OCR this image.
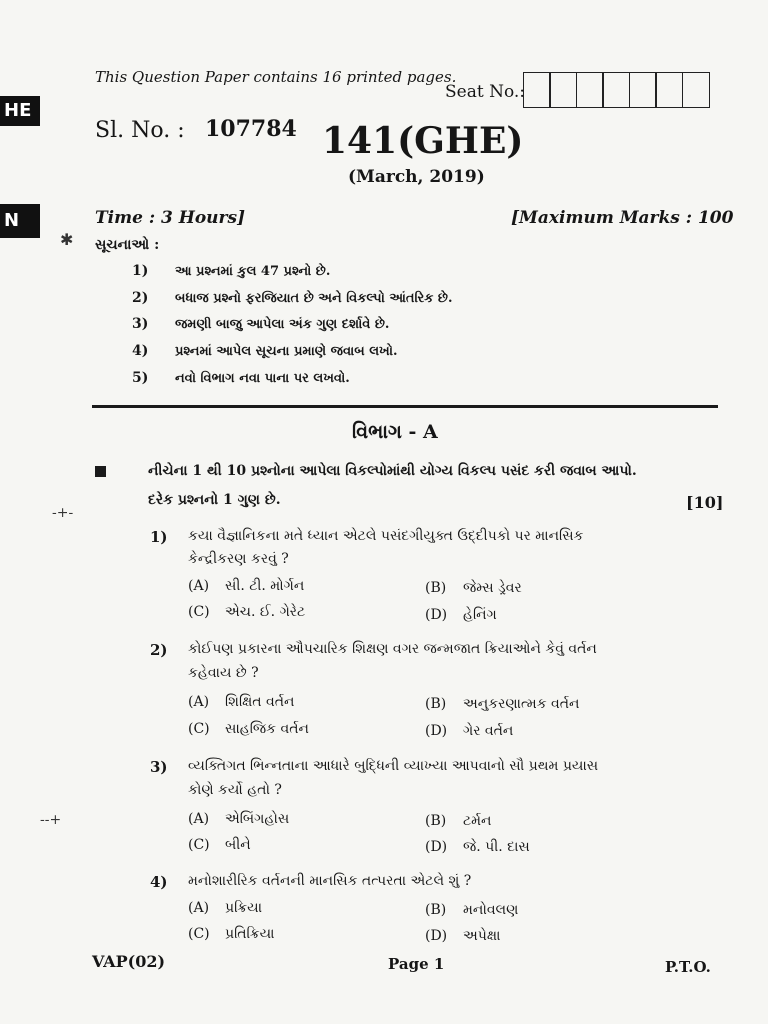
HE
N
This Question Paper contains 16 printed pages.
Seat No.:
Sl. No. : 107784 141(GHE)
(March, 2019)
Time : 3 Hours]	[Maximum Marks : 100
✱ સૂચનાઓ :
1) આ પ્રશ્નમાં કુલ 47 પ્રશ્નો છે.
2) બધાજ પ્રશ્નો ફરજિયાત છે અને વિકલ્પો આંતરિક છે.
3) જમણી બાજુ આપેલા અંક ગુણ દર્શાવે છે.
4) પ્રશ્નમાં આપેલ સૂચના પ્રમાણે જવાબ લખો.
5) નવો વિભાગ નવા પાના પર લખવો.
વિભાગ - A
નીચેના 1 થી 10 પ્રશ્નોના આપેલા વિકલ્પોમાંથી યોગ્ય વિકલ્પ પસંદ કરી જવાબ આપો.
દરેક પ્રશ્નનો 1 ગુણ છે.	[10]
-+-
--+
1) કયા વૈજ્ઞાનિકના મતે ધ્યાન એટલે પસંદગીયુક્ત ઉદ્દીપકો પર માનસિક
કેન્દ્રીકરણ કરવું ?
(A) સી. ટી. મોર્ગન	(B) જેમ્સ ડ્રેવર
(C) એચ. ઈ. ગેરેટ	(D) હેનિંગ
2) કોઈપણ પ્રકારના ઔપચારિક શિક્ષણ વગર જન્મજાત ક્રિયાઓને કેવું વર્તન
કહેવાય છે ?
(A) શિક્ષિત વર્તન	(B) અનુકરણાત્મક વર્તન
(C) સાહજિક વર્તન	(D) ગેર વર્તન
3) વ્યક્તિગત ભિન્નતાના આધારે બુદ્ધિની વ્યાખ્યા આપવાનો સૌ પ્રથમ પ્રયાસ
કોણે કર્યો હતો ?
(A) એબિંગહોસ	(B) ટર્મન
(C) બીને	(D) જે. પી. દાસ
4) મનોશારીરિક વર્તનની માનસિક તત્પરતા એટલે શું ?
(A) પ્રક્રિયા	(B) મનોવલણ
(C) પ્રતિક્રિયા	(D) અપેક્ષા
VAP(02)	Page 1	P.T.O.
